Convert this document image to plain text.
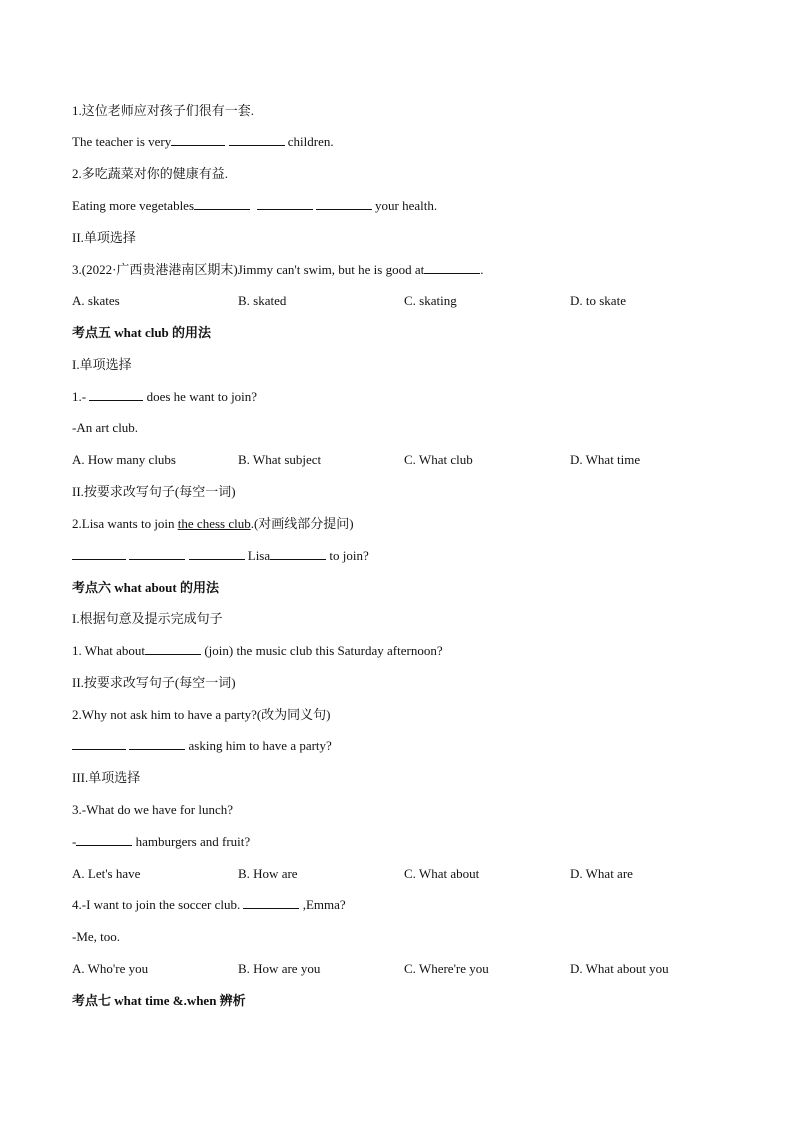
1.这位老师应对孩子们很有一套.
The teacher is very	children.
2.多吃蔬菜对你的健康有益.
Eating more vegetables	your health.
II.单项选择
3.(2022·广西贵港港南区期末)Jimmy can't swim, but he is good at	.
A. skates	B. skated	C. skating	D. to skate
考点五 what club 的用法
I.单项选择
1.-	does he want to join?
-An art club.
A. How many clubs	B. What subject	C. What club	D. What time
II.按要求改写句子(每空一词)
2.Lisa wants to join the chess club.(对画线部分提问)
Lisa	to join?
考点六 what about 的用法
I.根据句意及提示完成句子
1. What about	(join) the music club this Saturday afternoon?
II.按要求改写句子(每空一词)
2.Why not ask him to have a party?(改为同义句)
asking him to have a party?
III.单项选择
3.-What do we have for lunch?
-	hamburgers and fruit?
A. Let's have	B. How are	C. What about	D. What are
4.-I want to join the soccer club.	,Emma?
-Me, too.
A. Who're you	B. How are you	C. Where're you	D. What about you
考点七 what time &.when 辨析
